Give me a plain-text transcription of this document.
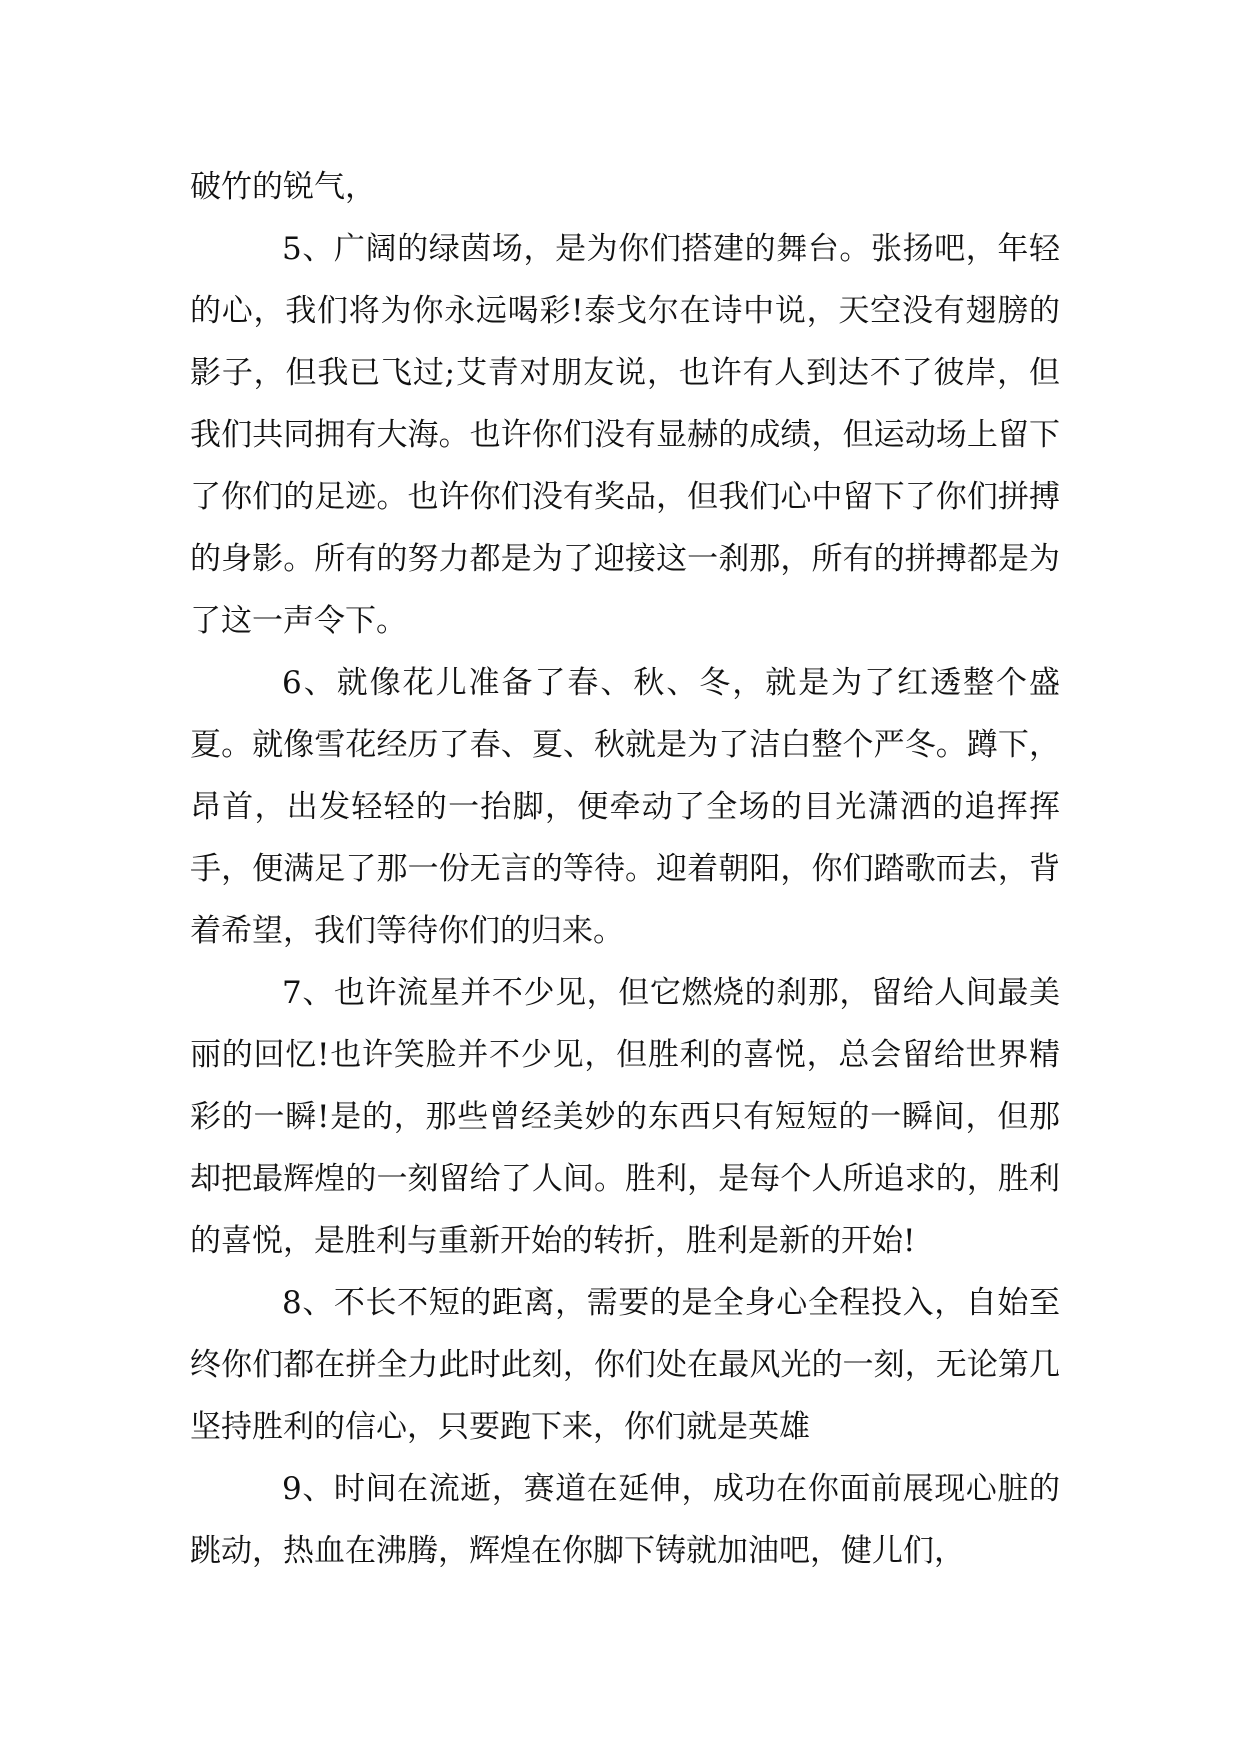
破竹的锐气，

5、广阔的绿茵场，是为你们搭建的舞台。张扬吧，年轻的心，我们将为你永远喝彩!泰戈尔在诗中说，天空没有翅膀的影子，但我已飞过;艾青对朋友说，也许有人到达不了彼岸，但我们共同拥有大海。也许你们没有显赫的成绩，但运动场上留下了你们的足迹。也许你们没有奖品，但我们心中留下了你们拼搏的身影。所有的努力都是为了迎接这一刹那，所有的拼搏都是为了这一声令下。

6、就像花儿准备了春、秋、冬，就是为了红透整个盛夏。就像雪花经历了春、夏、秋就是为了洁白整个严冬。蹲下，昂首，出发轻轻的一抬脚，便牵动了全场的目光潇洒的追挥挥手，便满足了那一份无言的等待。迎着朝阳，你们踏歌而去，背着希望，我们等待你们的归来。

7、也许流星并不少见，但它燃烧的刹那，留给人间最美丽的回忆!也许笑脸并不少见，但胜利的喜悦，总会留给世界精彩的一瞬!是的，那些曾经美妙的东西只有短短的一瞬间，但那却把最辉煌的一刻留给了人间。胜利，是每个人所追求的，胜利的喜悦，是胜利与重新开始的转折，胜利是新的开始!

8、不长不短的距离，需要的是全身心全程投入，自始至终你们都在拼全力此时此刻，你们处在最风光的一刻，无论第几坚持胜利的信心，只要跑下来，你们就是英雄

9、时间在流逝，赛道在延伸，成功在你面前展现心脏的跳动，热血在沸腾，辉煌在你脚下铸就加油吧，健儿们，
